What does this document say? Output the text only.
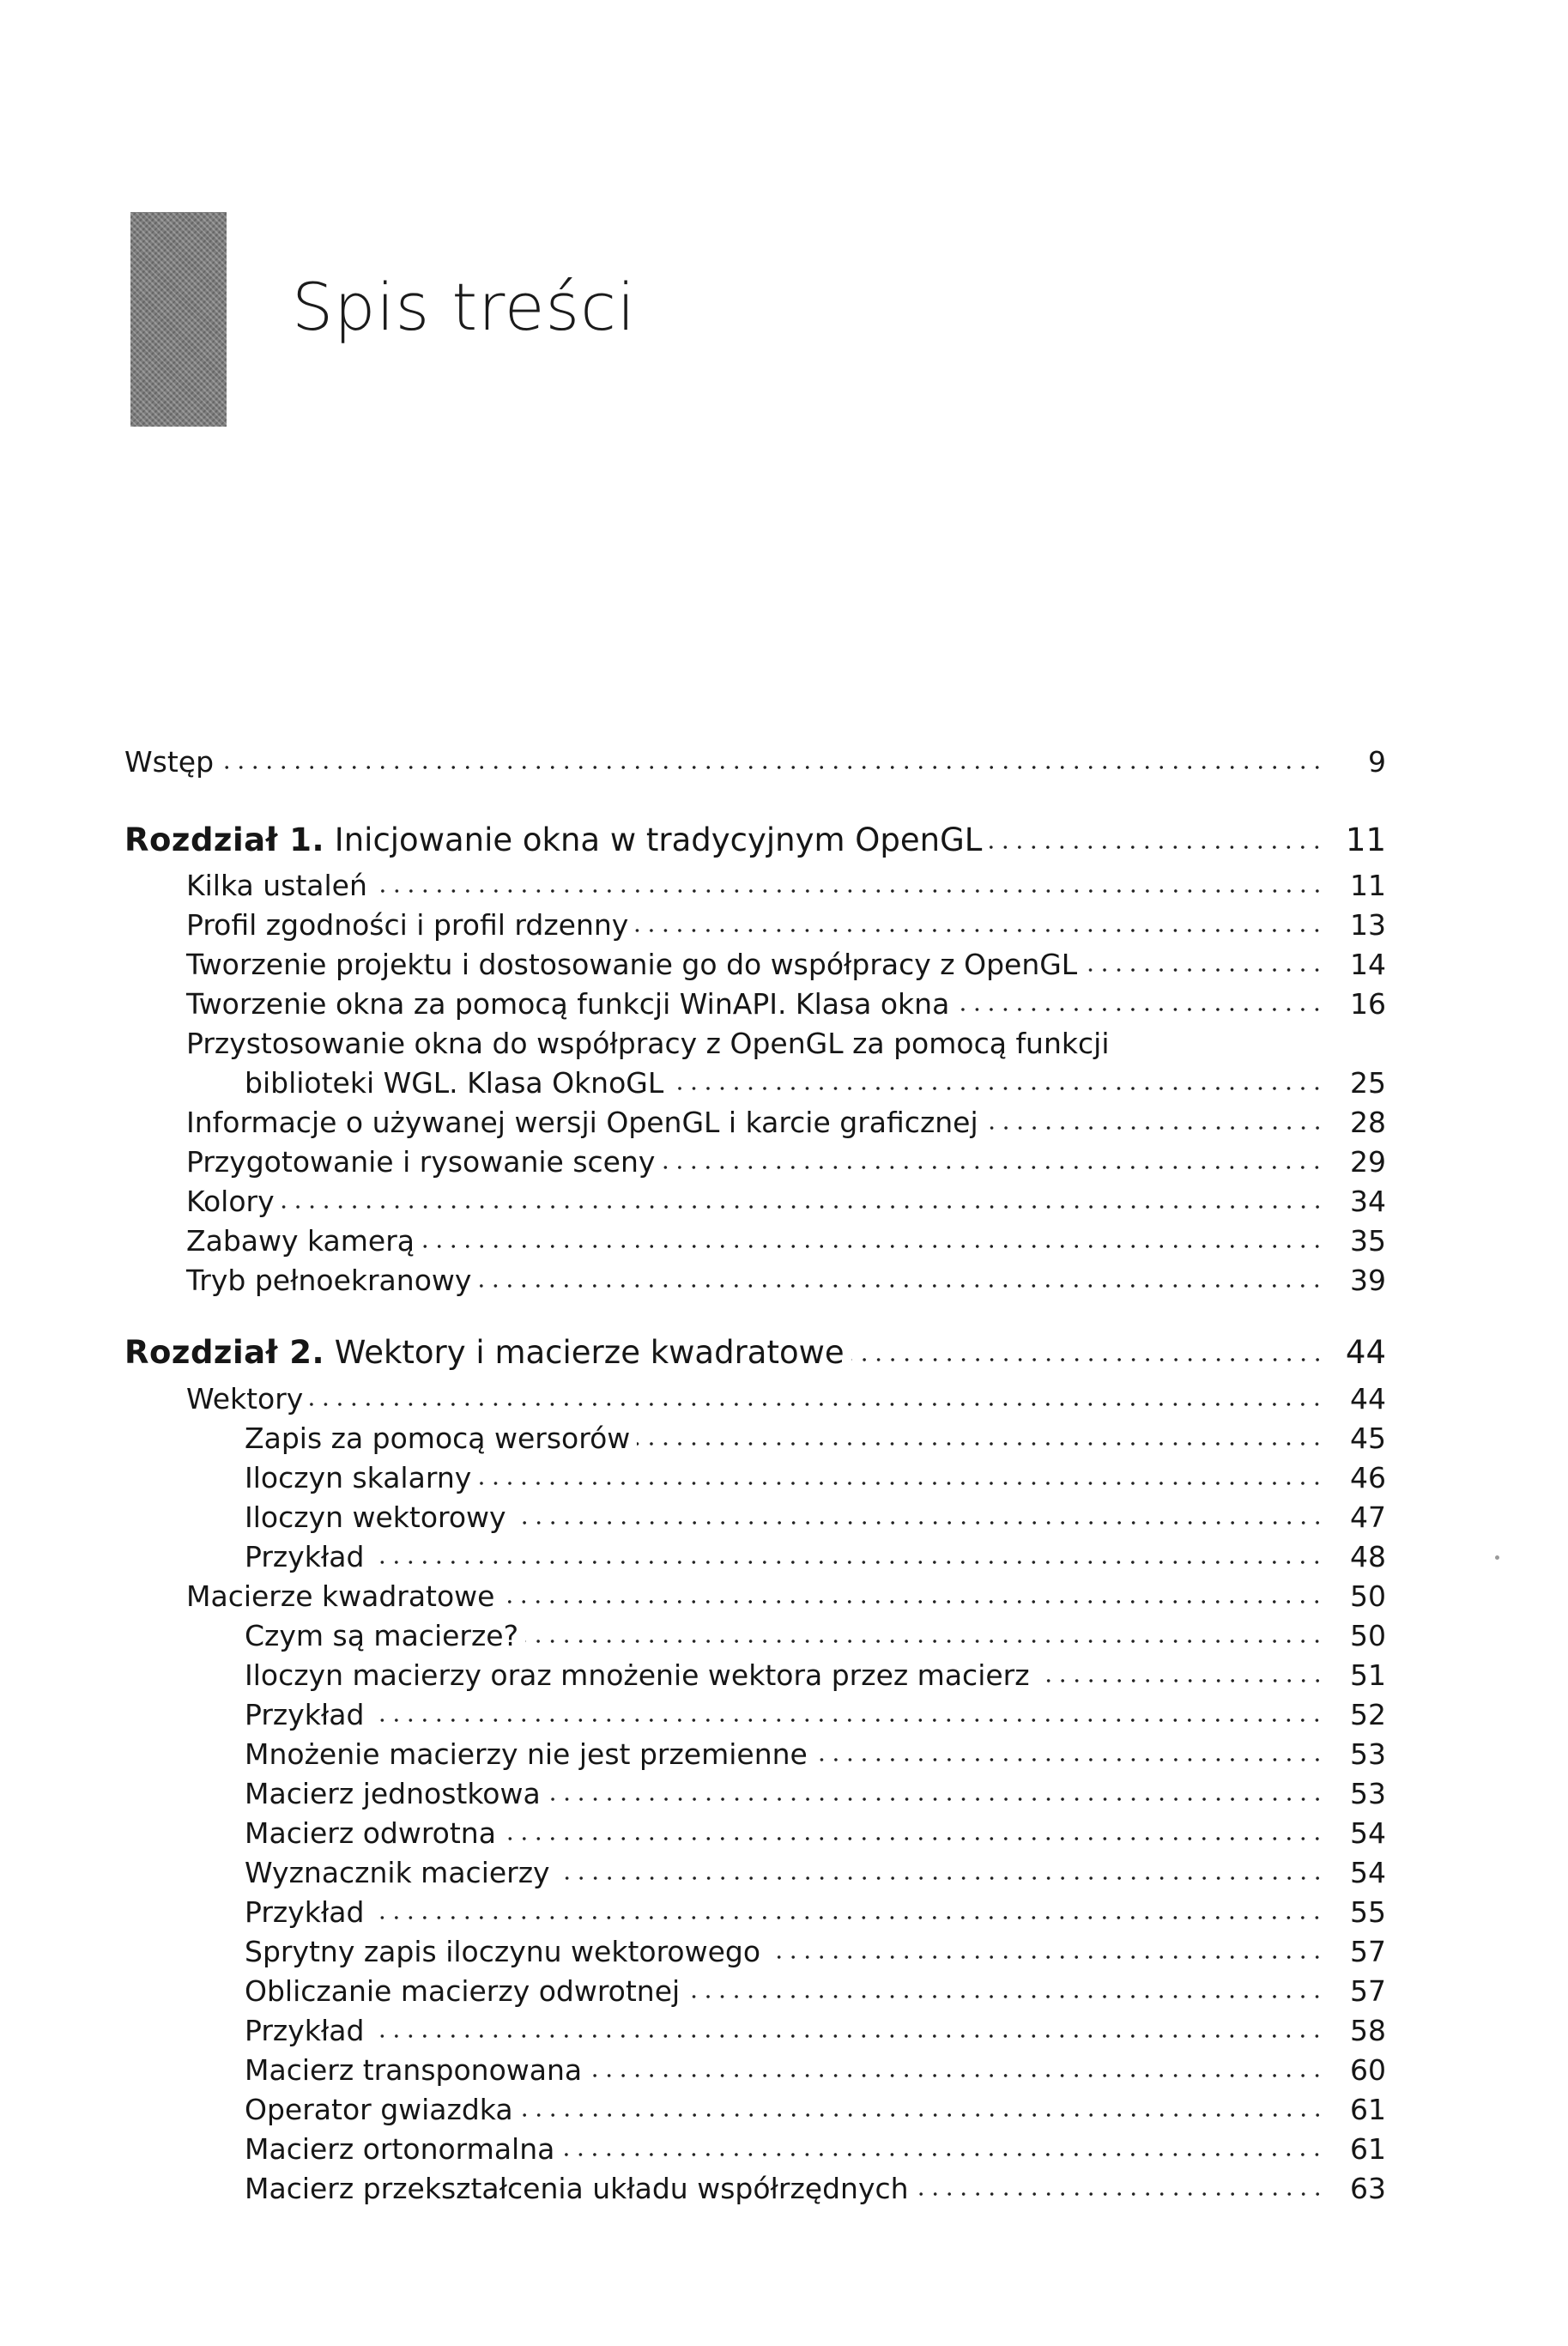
Spis treści
Wstęp	9
Rozdział 1. Inicjowanie okna w tradycyjnym OpenGL	11
Kilka ustaleń	11
Profil zgodności i profil rdzenny	13
Tworzenie projektu i dostosowanie go do współpracy z OpenGL	14
Tworzenie okna za pomocą funkcji WinAPI. Klasa okna	16
Przystosowanie okna do współpracy z OpenGL za pomocą funkcji
biblioteki WGL. Klasa OknoGL	25
Informacje o używanej wersji OpenGL i karcie graficznej	28
Przygotowanie i rysowanie sceny	29
Kolory	34
Zabawy kamerą	35
Tryb pełnoekranowy	39
Rozdział 2. Wektory i macierze kwadratowe	44
Wektory	44
Zapis za pomocą wersorów	45
Iloczyn skalarny	46
Iloczyn wektorowy	47
Przykład	48
Macierze kwadratowe	50
Czym są macierze?	50
Iloczyn macierzy oraz mnożenie wektora przez macierz	51
Przykład	52
Mnożenie macierzy nie jest przemienne	53
Macierz jednostkowa	53
Macierz odwrotna	54
Wyznacznik macierzy	54
Przykład	55
Sprytny zapis iloczynu wektorowego	57
Obliczanie macierzy odwrotnej	57
Przykład	58
Macierz transponowana	60
Operator gwiazdka	61
Macierz ortonormalna	61
Macierz przekształcenia układu współrzędnych	63
